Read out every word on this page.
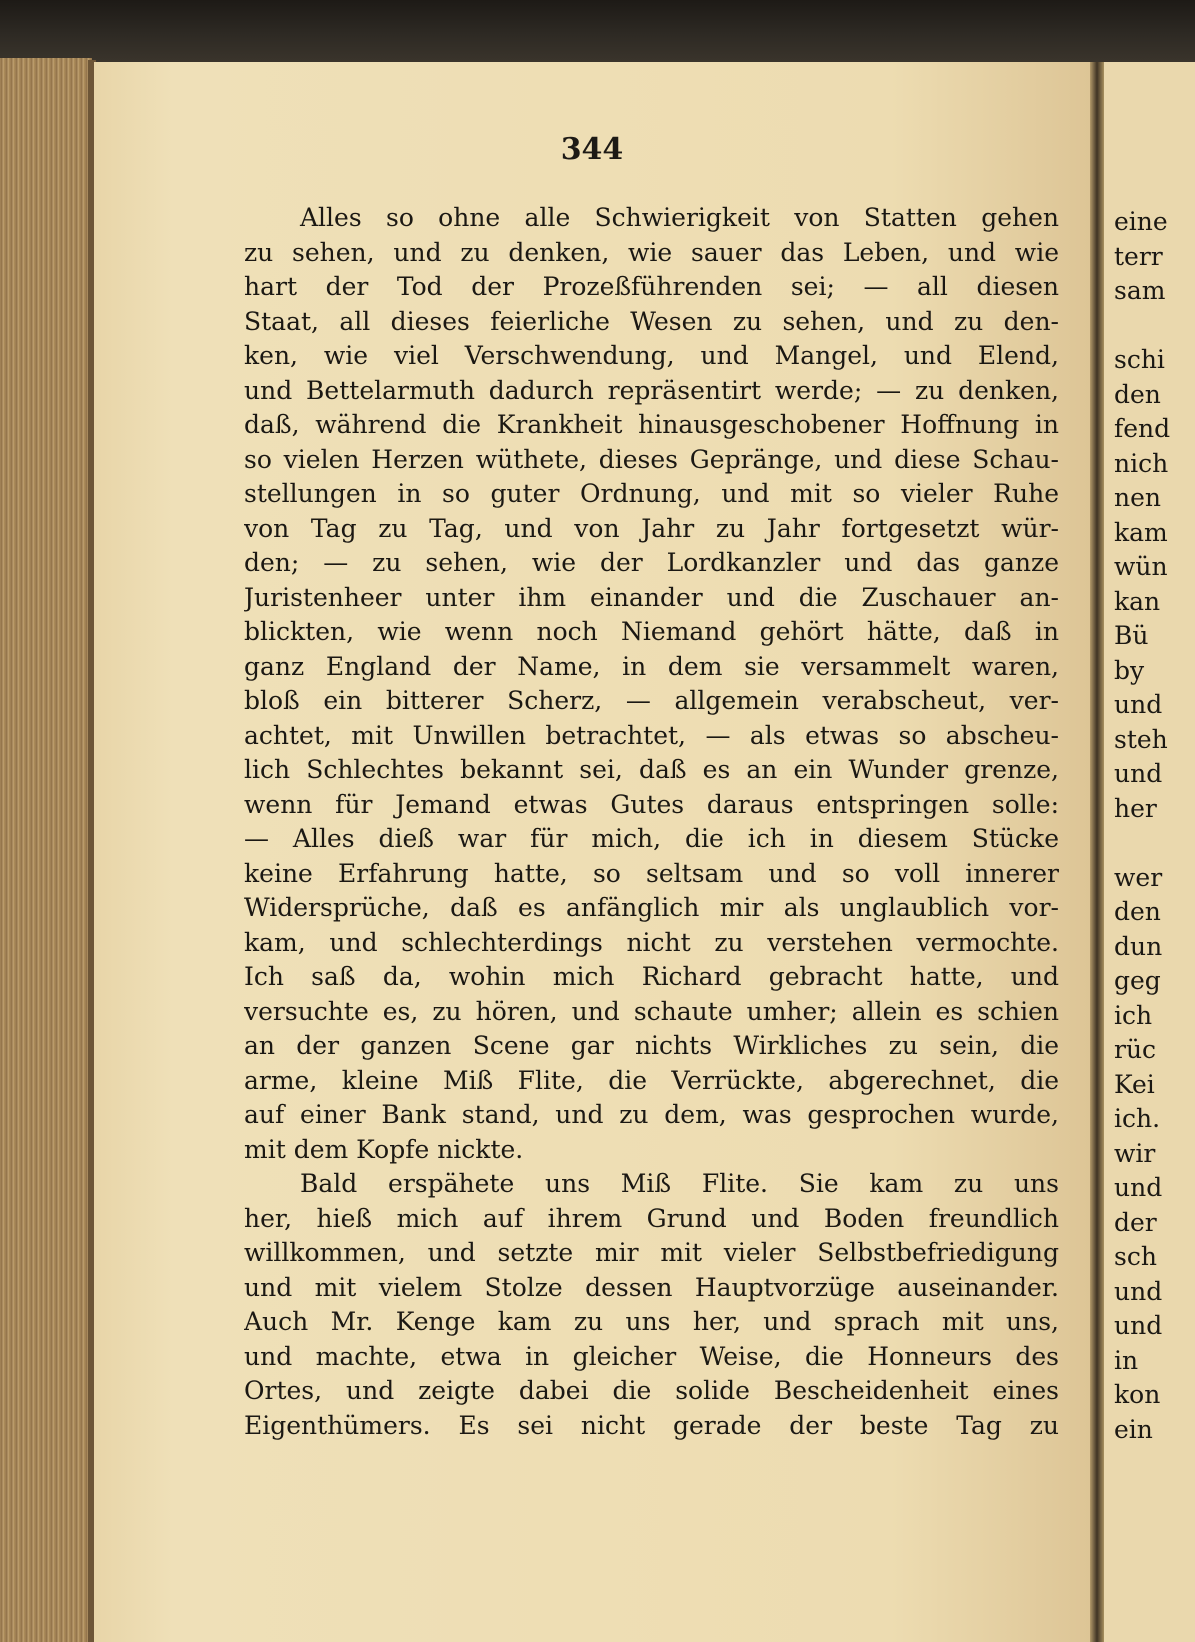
344
Alles so ohne alle Schwierigkeit von Statten gehen
zu sehen, und zu denken, wie sauer das Leben, und wie
hart der Tod der Prozeßführenden sei; — all diesen
Staat, all dieses feierliche Wesen zu sehen, und zu den-
ken, wie viel Verschwendung, und Mangel, und Elend,
und Bettelarmuth dadurch repräsentirt werde; — zu denken,
daß, während die Krankheit hinausgeschobener Hoffnung in
so vielen Herzen wüthete, dieses Gepränge, und diese Schau-
stellungen in so guter Ordnung, und mit so vieler Ruhe
von Tag zu Tag, und von Jahr zu Jahr fortgesetzt wür-
den; — zu sehen, wie der Lordkanzler und das ganze
Juristenheer unter ihm einander und die Zuschauer an-
blickten, wie wenn noch Niemand gehört hätte, daß in
ganz England der Name, in dem sie versammelt waren,
bloß ein bitterer Scherz, — allgemein verabscheut, ver-
achtet, mit Unwillen betrachtet, — als etwas so abscheu-
lich Schlechtes bekannt sei, daß es an ein Wunder grenze,
wenn für Jemand etwas Gutes daraus entspringen solle:
— Alles dieß war für mich, die ich in diesem Stücke
keine Erfahrung hatte, so seltsam und so voll innerer
Widersprüche, daß es anfänglich mir als unglaublich vor-
kam, und schlechterdings nicht zu verstehen vermochte.
Ich saß da, wohin mich Richard gebracht hatte, und
versuchte es, zu hören, und schaute umher; allein es schien
an der ganzen Scene gar nichts Wirkliches zu sein, die
arme, kleine Miß Flite, die Verrückte, abgerechnet, die
auf einer Bank stand, und zu dem, was gesprochen wurde,
mit dem Kopfe nickte.
Bald erspähete uns Miß Flite. Sie kam zu uns
her, hieß mich auf ihrem Grund und Boden freundlich
willkommen, und setzte mir mit vieler Selbstbefriedigung
und mit vielem Stolze dessen Hauptvorzüge auseinander.
Auch Mr. Kenge kam zu uns her, und sprach mit uns,
und machte, etwa in gleicher Weise, die Honneurs des
Ortes, und zeigte dabei die solide Bescheidenheit eines
Eigenthümers. Es sei nicht gerade der beste Tag zu
eine
terr
sam
schi
den
fend
nich
nen
kam
wün
kan
Bü
by
und
steh
und
her
wer
den
dun
geg
ich
rüc
Kei
ich.
wir
und
der
sch
und
und
in
kon
ein
